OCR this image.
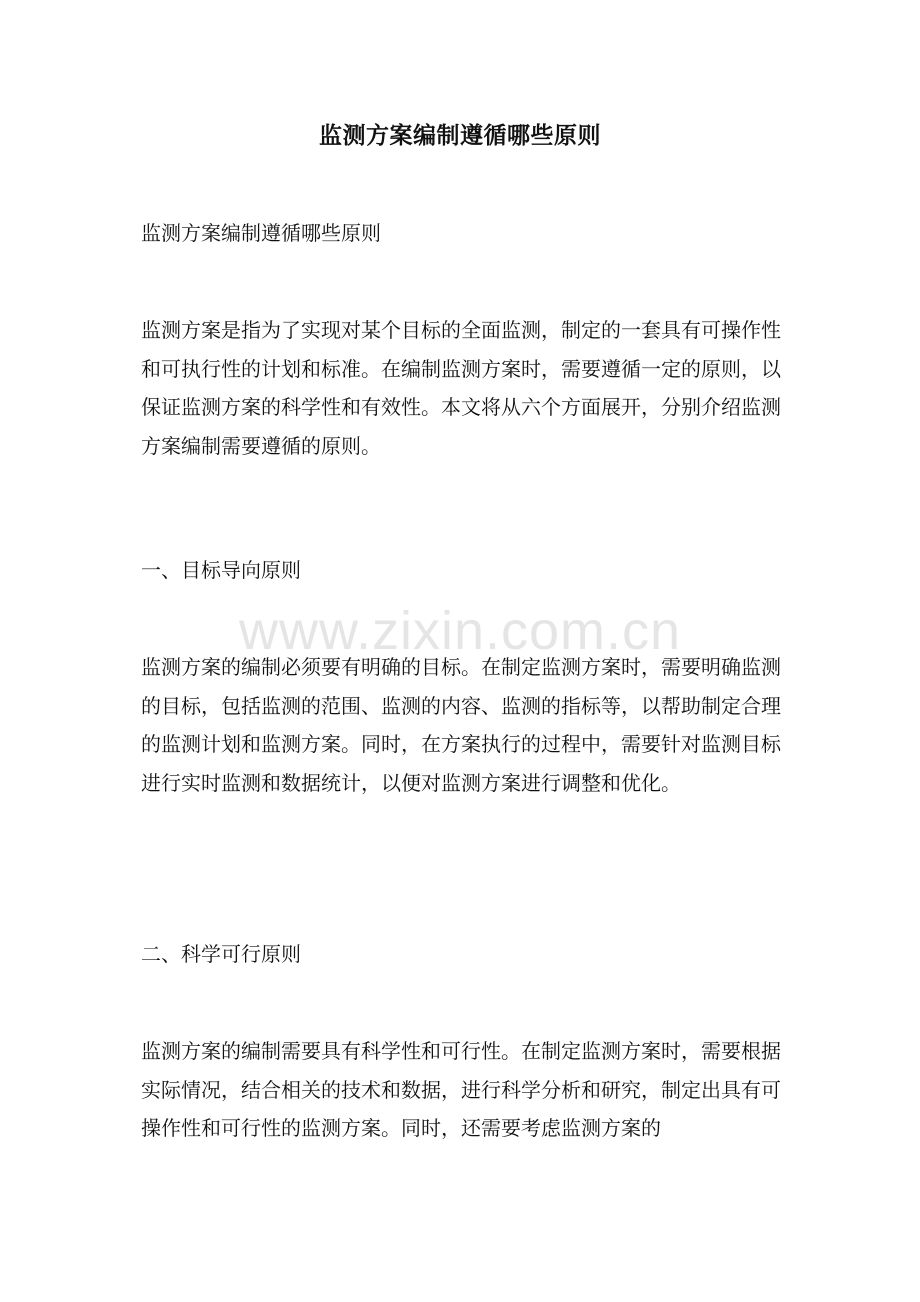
监测方案编制遵循哪些原则

监测方案编制遵循哪些原则

监测方案是指为了实现对某个目标的全面监测，制定的一套具有可操作性和可执行性的计划和标准。在编制监测方案时，需要遵循一定的原则，以保证监测方案的科学性和有效性。本文将从六个方面展开，分别介绍监测方案编制需要遵循的原则。

一、目标导向原则

监测方案的编制必须要有明确的目标。在制定监测方案时，需要明确监测的目标，包括监测的范围、监测的内容、监测的指标等，以帮助制定合理的监测计划和监测方案。同时，在方案执行的过程中，需要针对监测目标进行实时监测和数据统计，以便对监测方案进行调整和优化。

二、科学可行原则

监测方案的编制需要具有科学性和可行性。在制定监测方案时，需要根据实际情况，结合相关的技术和数据，进行科学分析和研究，制定出具有可操作性和可行性的监测方案。同时，还需要考虑监测方案的

www.zixin.com.cn
